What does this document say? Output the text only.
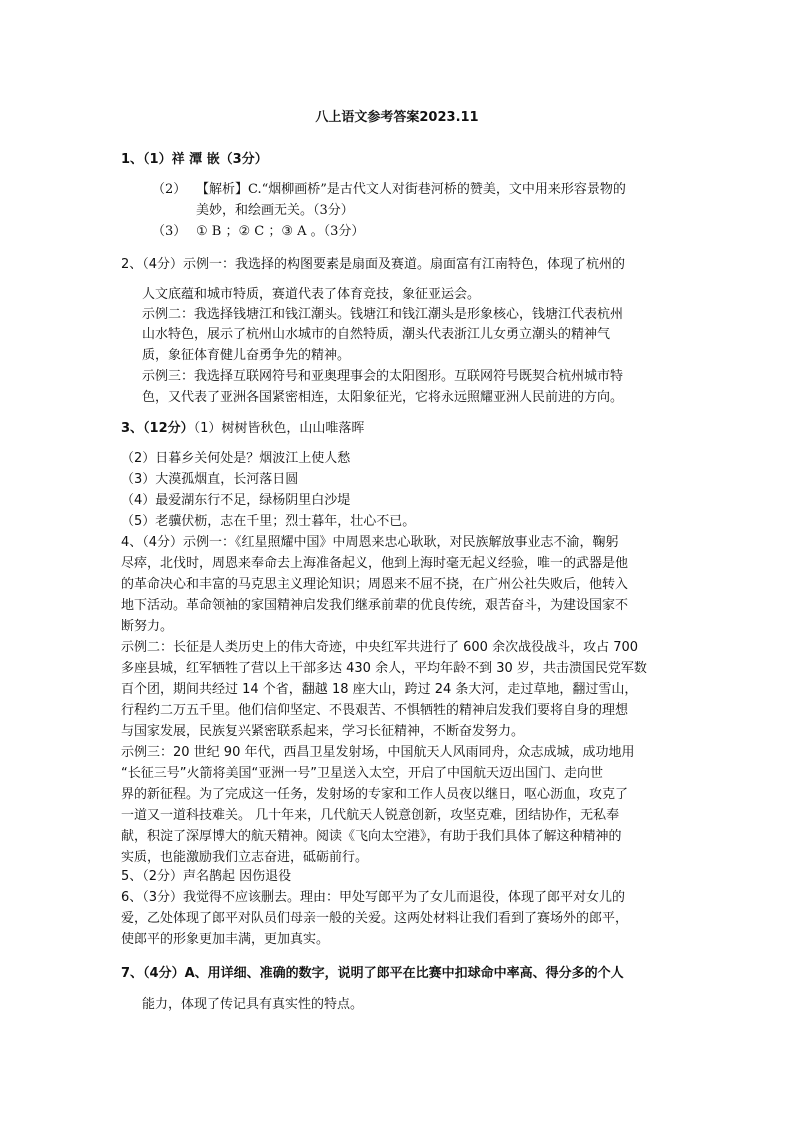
八上语文参考答案2023.11
1、（1）祥 潭 嵌（3分）
（2） 【解析】C.“烟柳画桥”是古代文人对街巷河桥的赞美，文中用来形容景物的
美妙，和绘画无关。（3分）
（3） ① B ；② C ；③ A 。（3分）
2、（4分）示例一：我选择的构图要素是扇面及赛道。扇面富有江南特色，体现了杭州的
人文底蕴和城市特质，赛道代表了体育竞技，象征亚运会。
示例二：我选择钱塘江和钱江潮头。钱塘江和钱江潮头是形象核心，钱塘江代表杭州
山水特色，展示了杭州山水城市的自然特质，潮头代表浙江儿女勇立潮头的精神气
质，象征体育健儿奋勇争先的精神。
示例三：我选择互联网符号和亚奥理事会的太阳图形。互联网符号既契合杭州城市特
色，又代表了亚洲各国紧密相连，太阳象征光，它将永远照耀亚洲人民前进的方向。
3、（12分）（1）树树皆秋色，山山唯落晖
（2）日暮乡关何处是？烟波江上使人愁
（3）大漠孤烟直，长河落日圆
（4）最爱湖东行不足，绿杨阴里白沙堤
（5）老骥伏枥，志在千里；烈士暮年，壮心不已。
4、（4分）示例一：《红星照耀中国》中周恩来忠心耿耿，对民族解放事业志不渝，鞠躬
尽瘁，北伐时，周恩来奉命去上海准备起义，他到上海时毫无起义经验，唯一的武器是他
的革命决心和丰富的马克思主义理论知识；周恩来不屈不挠，在广州公社失败后，他转入
地下活动。革命领袖的家国精神启发我们继承前辈的优良传统，艰苦奋斗，为建设国家不
断努力。
示例二：长征是人类历史上的伟大奇迹，中央红军共进行了 600 余次战役战斗，攻占 700
多座县城，红军牺牲了营以上干部多达 430 余人，平均年龄不到 30 岁，共击溃国民党军数
百个团，期间共经过 14 个省，翻越 18 座大山，跨过 24 条大河，走过草地，翻过雪山，
行程约二万五千里。他们信仰坚定、不畏艰苦、不惧牺牲的精神启发我们要将自身的理想
与国家发展，民族复兴紧密联系起来，学习长征精神，不断奋发努力。
示例三：20 世纪 90 年代，西昌卫星发射场，中国航天人风雨同舟，众志成城，成功地用
“长征三号”火箭将美国“亚洲一号”卫星送入太空，开启了中国航天迈出国门、走向世
界的新征程。为了完成这一任务，发射场的专家和工作人员夜以继日，呕心沥血，攻克了
一道又一道科技难关。 几十年来，几代航天人锐意创新，攻坚克难，团结协作，无私奉
献，积淀了深厚博大的航天精神。阅读《飞向太空港》，有助于我们具体了解这种精神的
实质，也能激励我们立志奋进，砥砺前行。
5、（2分）声名鹊起 因伤退役
6、（3分）我觉得不应该删去。理由：甲处写郎平为了女儿而退役，体现了郎平对女儿的
爱，乙处体现了郎平对队员们母亲一般的关爱。这两处材料让我们看到了赛场外的郎平，
使郎平的形象更加丰满，更加真实。
7、（4分）A、用详细、准确的数字，说明了郎平在比赛中扣球命中率高、得分多的个人
能力，体现了传记具有真实性的特点。
